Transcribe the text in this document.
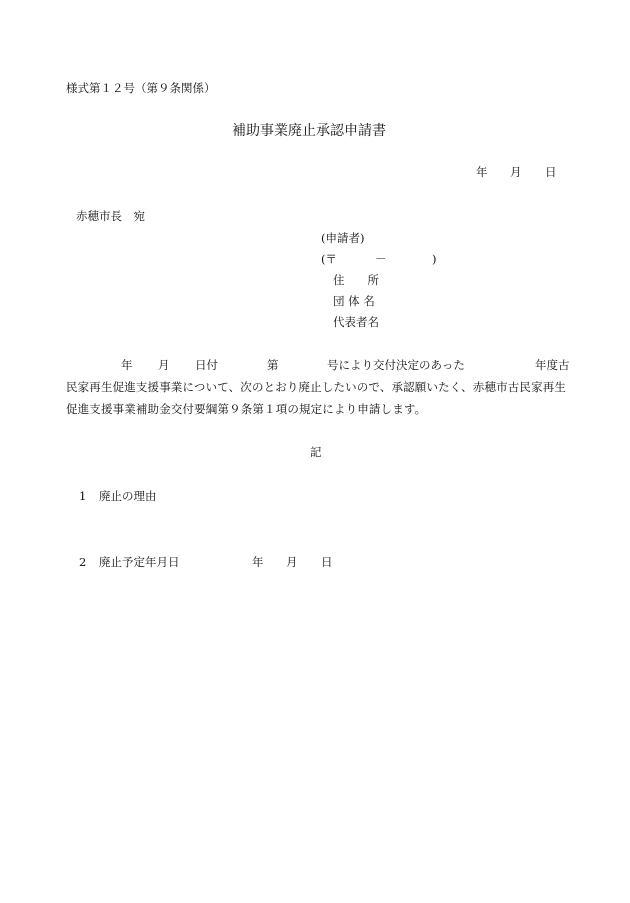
様式第１２号（第９条関係）
補助事業廃止承認申請書
年 月 日
赤穂市長　宛
(申請者)
(〒	－	)
住　　所
団 体 名
代表者名
年 月 日付	第	号により交付決定のあった	年度古
民家再生促進支援事業について、次のとおり廃止したいので、承認願いたく、赤穂市古民家再生
促進支援事業補助金交付要綱第９条第１項の規定により申請します。
記
1 廃止の理由
2 廃止予定年月日	年 月 日
